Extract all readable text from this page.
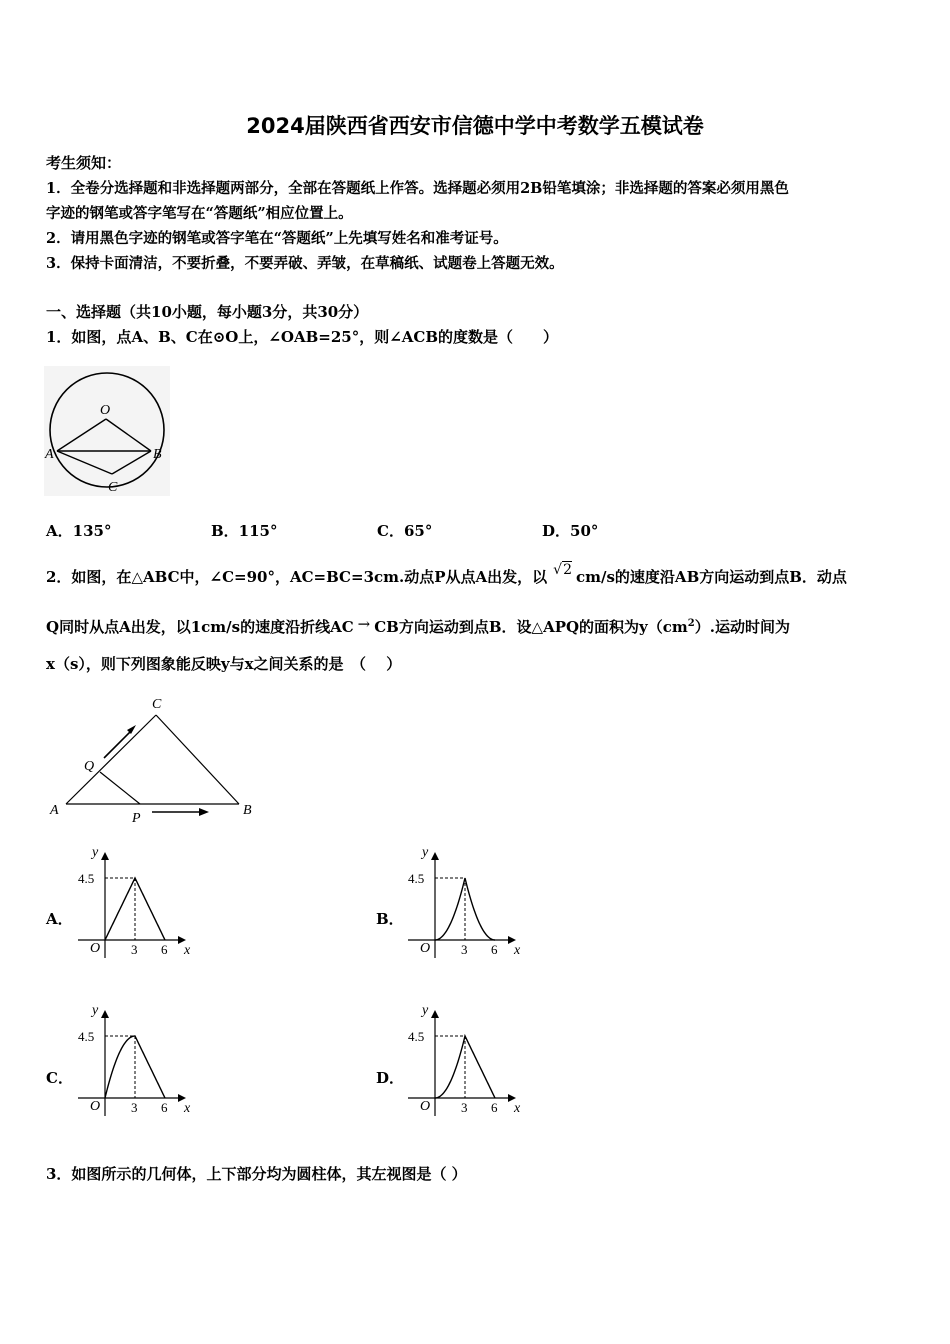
2024届陕西省西安市信德中学中考数学五模试卷
考生须知：
1．全卷分选择题和非选择题两部分，全部在答题纸上作答。选择题必须用2B铅笔填涂；非选择题的答案必须用黑色
字迹的钢笔或答字笔写在“答题纸”相应位置上。
2．请用黑色字迹的钢笔或答字笔在“答题纸”上先填写姓名和准考证号。
3．保持卡面清洁，不要折叠，不要弄破、弄皱，在草稿纸、试题卷上答题无效。
一、选择题（共10小题，每小题3分，共30分）
1．如图，点A、B、C在⊙O上，∠OAB=25°，则∠ACB的度数是（　　）
O
A	B
C
A．135°	B．115°	C．65°	D．50°
2．如图，在△ABC中，∠C=90°，AC=BC=3cm.动点P从点A出发，以 √2 cm/s的速度沿AB方向运动到点B．动点
Q同时从点A出发，以1cm/s的速度沿折线AC → CB方向运动到点B．设△APQ的面积为$y(cm^2)$.运动时间为
x（s），则下列图象能反映y与x之间关系的是　（　 ）
C
Q
A	B
P
A．	B．
C．	D．
y
x
O
4.5
3 6
y
x
O
4.5
3 6
y
x
O
4.5
3 6
y
x
O
4.5
3 6
3．如图所示的几何体，上下部分均为圆柱体，其左视图是（ ）
